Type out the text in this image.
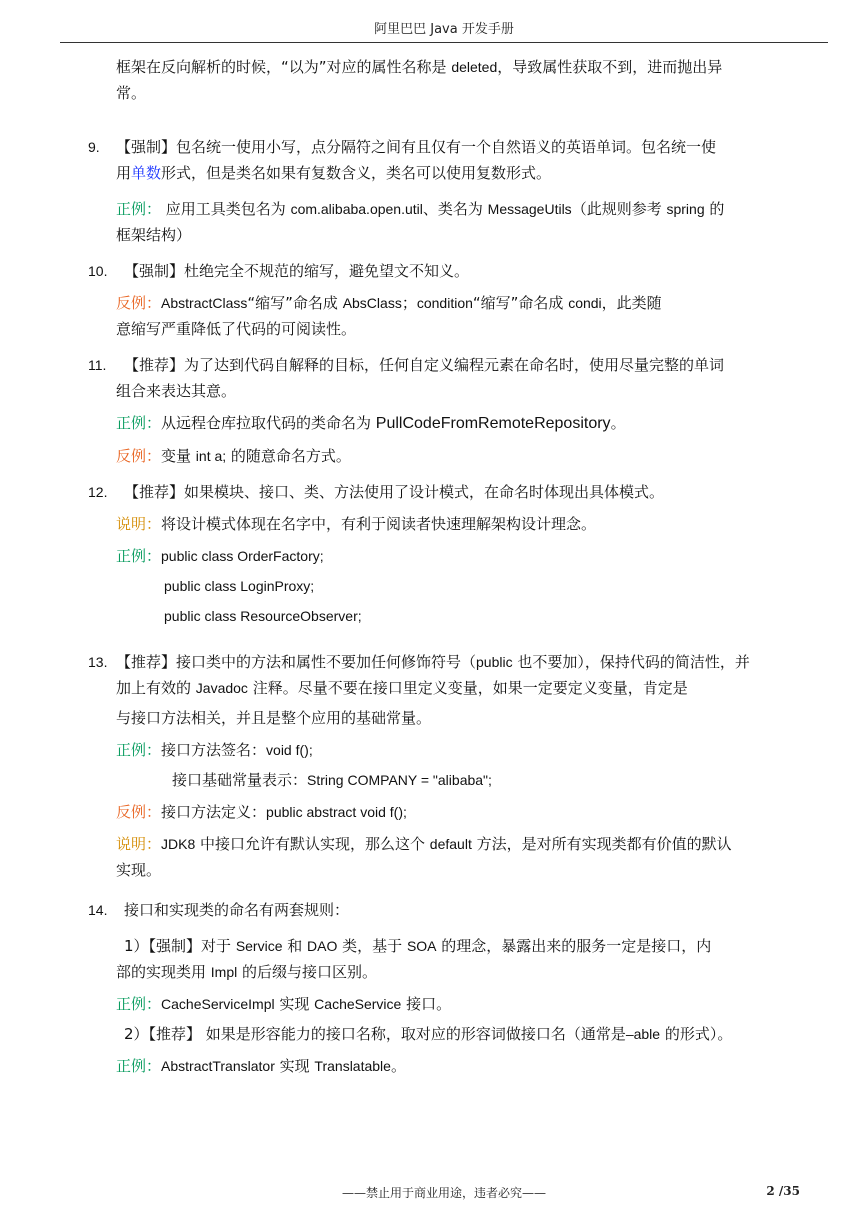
阿里巴巴 Java 开发手册
框架在反向解析的时候，“以为”对应的属性名称是 deleted，导致属性获取不到，进而抛出异
常。
9. 【强制】包名统一使用小写，点分隔符之间有且仅有一个自然语义的英语单词。包名统一使
用单数形式，但是类名如果有复数含义，类名可以使用复数形式。
正例： 应用工具类包名为 com.alibaba.open.util、类名为 MessageUtils（此规则参考 spring 的
框架结构）
10. 【强制】杜绝完全不规范的缩写，避免望文不知义。
反例：AbstractClass“缩写”命名成 AbsClass；condition“缩写”命名成 condi，此类随
意缩写严重降低了代码的可阅读性。
11. 【推荐】为了达到代码自解释的目标，任何自定义编程元素在命名时，使用尽量完整的单词
组合来表达其意。
正例：从远程仓库拉取代码的类命名为 PullCodeFromRemoteRepository。
反例：变量 int a; 的随意命名方式。
12. 【推荐】如果模块、接口、类、方法使用了设计模式，在命名时体现出具体模式。
说明：将设计模式体现在名字中，有利于阅读者快速理解架构设计理念。
正例：public class OrderFactory;
public class LoginProxy;
public class ResourceObserver;
13. 【推荐】接口类中的方法和属性不要加任何修饰符号（public 也不要加），保持代码的简洁性，并
加上有效的 Javadoc 注释。尽量不要在接口里定义变量，如果一定要定义变量，肯定是
与接口方法相关，并且是整个应用的基础常量。
正例：接口方法签名：void f();
接口基础常量表示：String COMPANY = "alibaba";
反例：接口方法定义：public abstract void f();
说明：JDK8 中接口允许有默认实现，那么这个 default 方法，是对所有实现类都有价值的默认
实现。
14. 接口和实现类的命名有两套规则：
1）【强制】对于 Service 和 DAO 类，基于 SOA 的理念，暴露出来的服务一定是接口，内
部的实现类用 Impl 的后缀与接口区别。
正例：CacheServiceImpl 实现 CacheService 接口。
2）【推荐】 如果是形容能力的接口名称，取对应的形容词做接口名（通常是–able 的形式）。
正例：AbstractTranslator 实现 Translatable。
——禁止用于商业用途，违者必究——	2 /35
